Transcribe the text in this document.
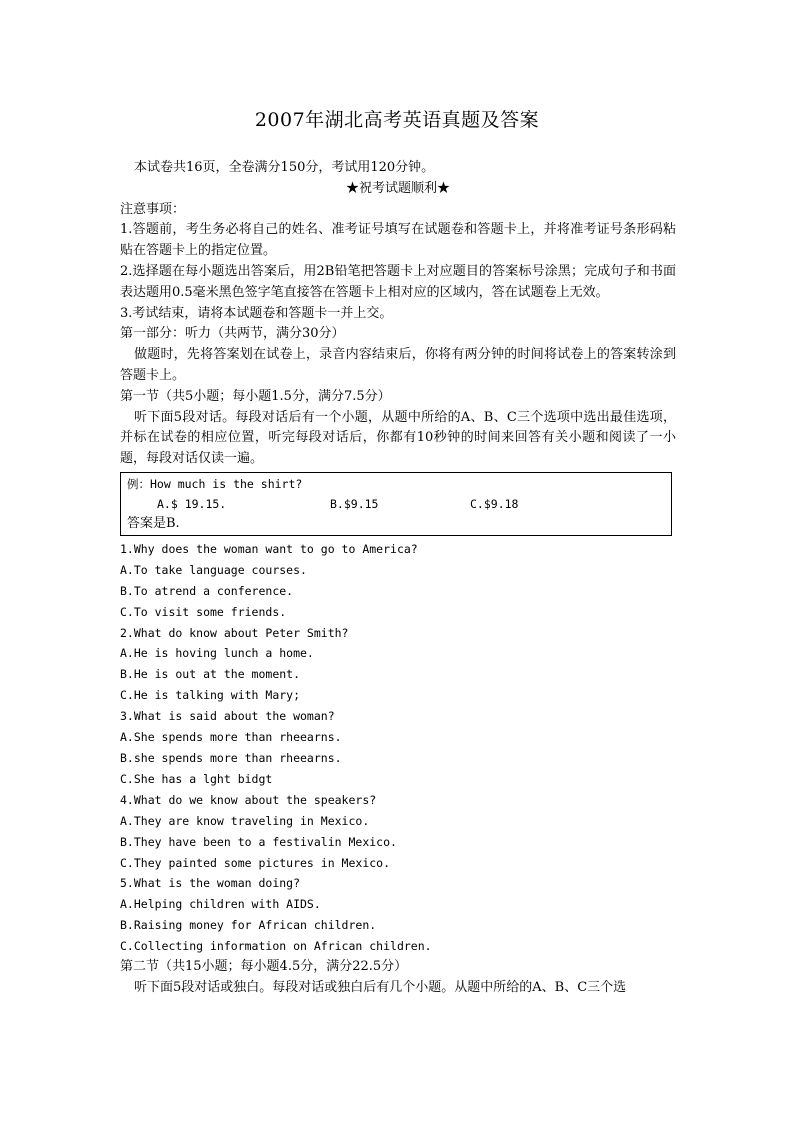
2007年湖北高考英语真题及答案
本试卷共16页，全卷满分150分，考试用120分钟。
★祝考试题顺利★
注意事项：
1.答题前，考生务必将自己的姓名、准考证号填写在试题卷和答题卡上，并将准考证号条形码粘贴在答题卡上的指定位置。
2.选择题在每小题选出答案后，用2B铅笔把答题卡上对应题目的答案标号涂黑；完成句子和书面表达题用0.5毫米黑色签字笔直接答在答题卡上相对应的区域内，答在试题卷上无效。
3.考试结束，请将本试题卷和答题卡一并上交。
第一部分：听力（共两节，满分30分）
做题时，先将答案划在试卷上，录音内容结束后，你将有两分钟的时间将试卷上的答案转涂到答题卡上。
第一节（共5小题；每小题1.5分，满分7.5分）
听下面5段对话。每段对话后有一个小题，从题中所给的A、B、C三个选项中选出最佳选项，并标在试卷的相应位置，听完每段对话后，你都有10秒钟的时间来回答有关小题和阅读了一小题，每段对话仅读一遍。
例：How much is the shirt?
A.$ 19.15.	B.$9.15	C.$9.18
答案是B.
1.Why does the woman want to go to America?
A.To take language courses.
B.To atrend a conference.
C.To visit some friends.
2.What do know about Peter Smith?
A.He is hoving lunch a home.
B.He is out at the moment.
C.He is talking with Mary;
3.What is said about the woman?
A.She spends more than rheearns.
B.she spends more than rheearns.
C.She has a lght bidgt
4.What do we know about the speakers?
A.They are know traveling in Mexico.
B.They have been to a festivalin Mexico.
C.They painted some pictures in Mexico.
5.What is the woman doing?
A.Helping children with AIDS.
B.Raising money for African children.
C.Collecting information on African children.
第二节（共15小题；每小题4.5分，满分22.5分）
听下面5段对话或独白。每段对话或独白后有几个小题。从题中所给的A、B、C三个选
